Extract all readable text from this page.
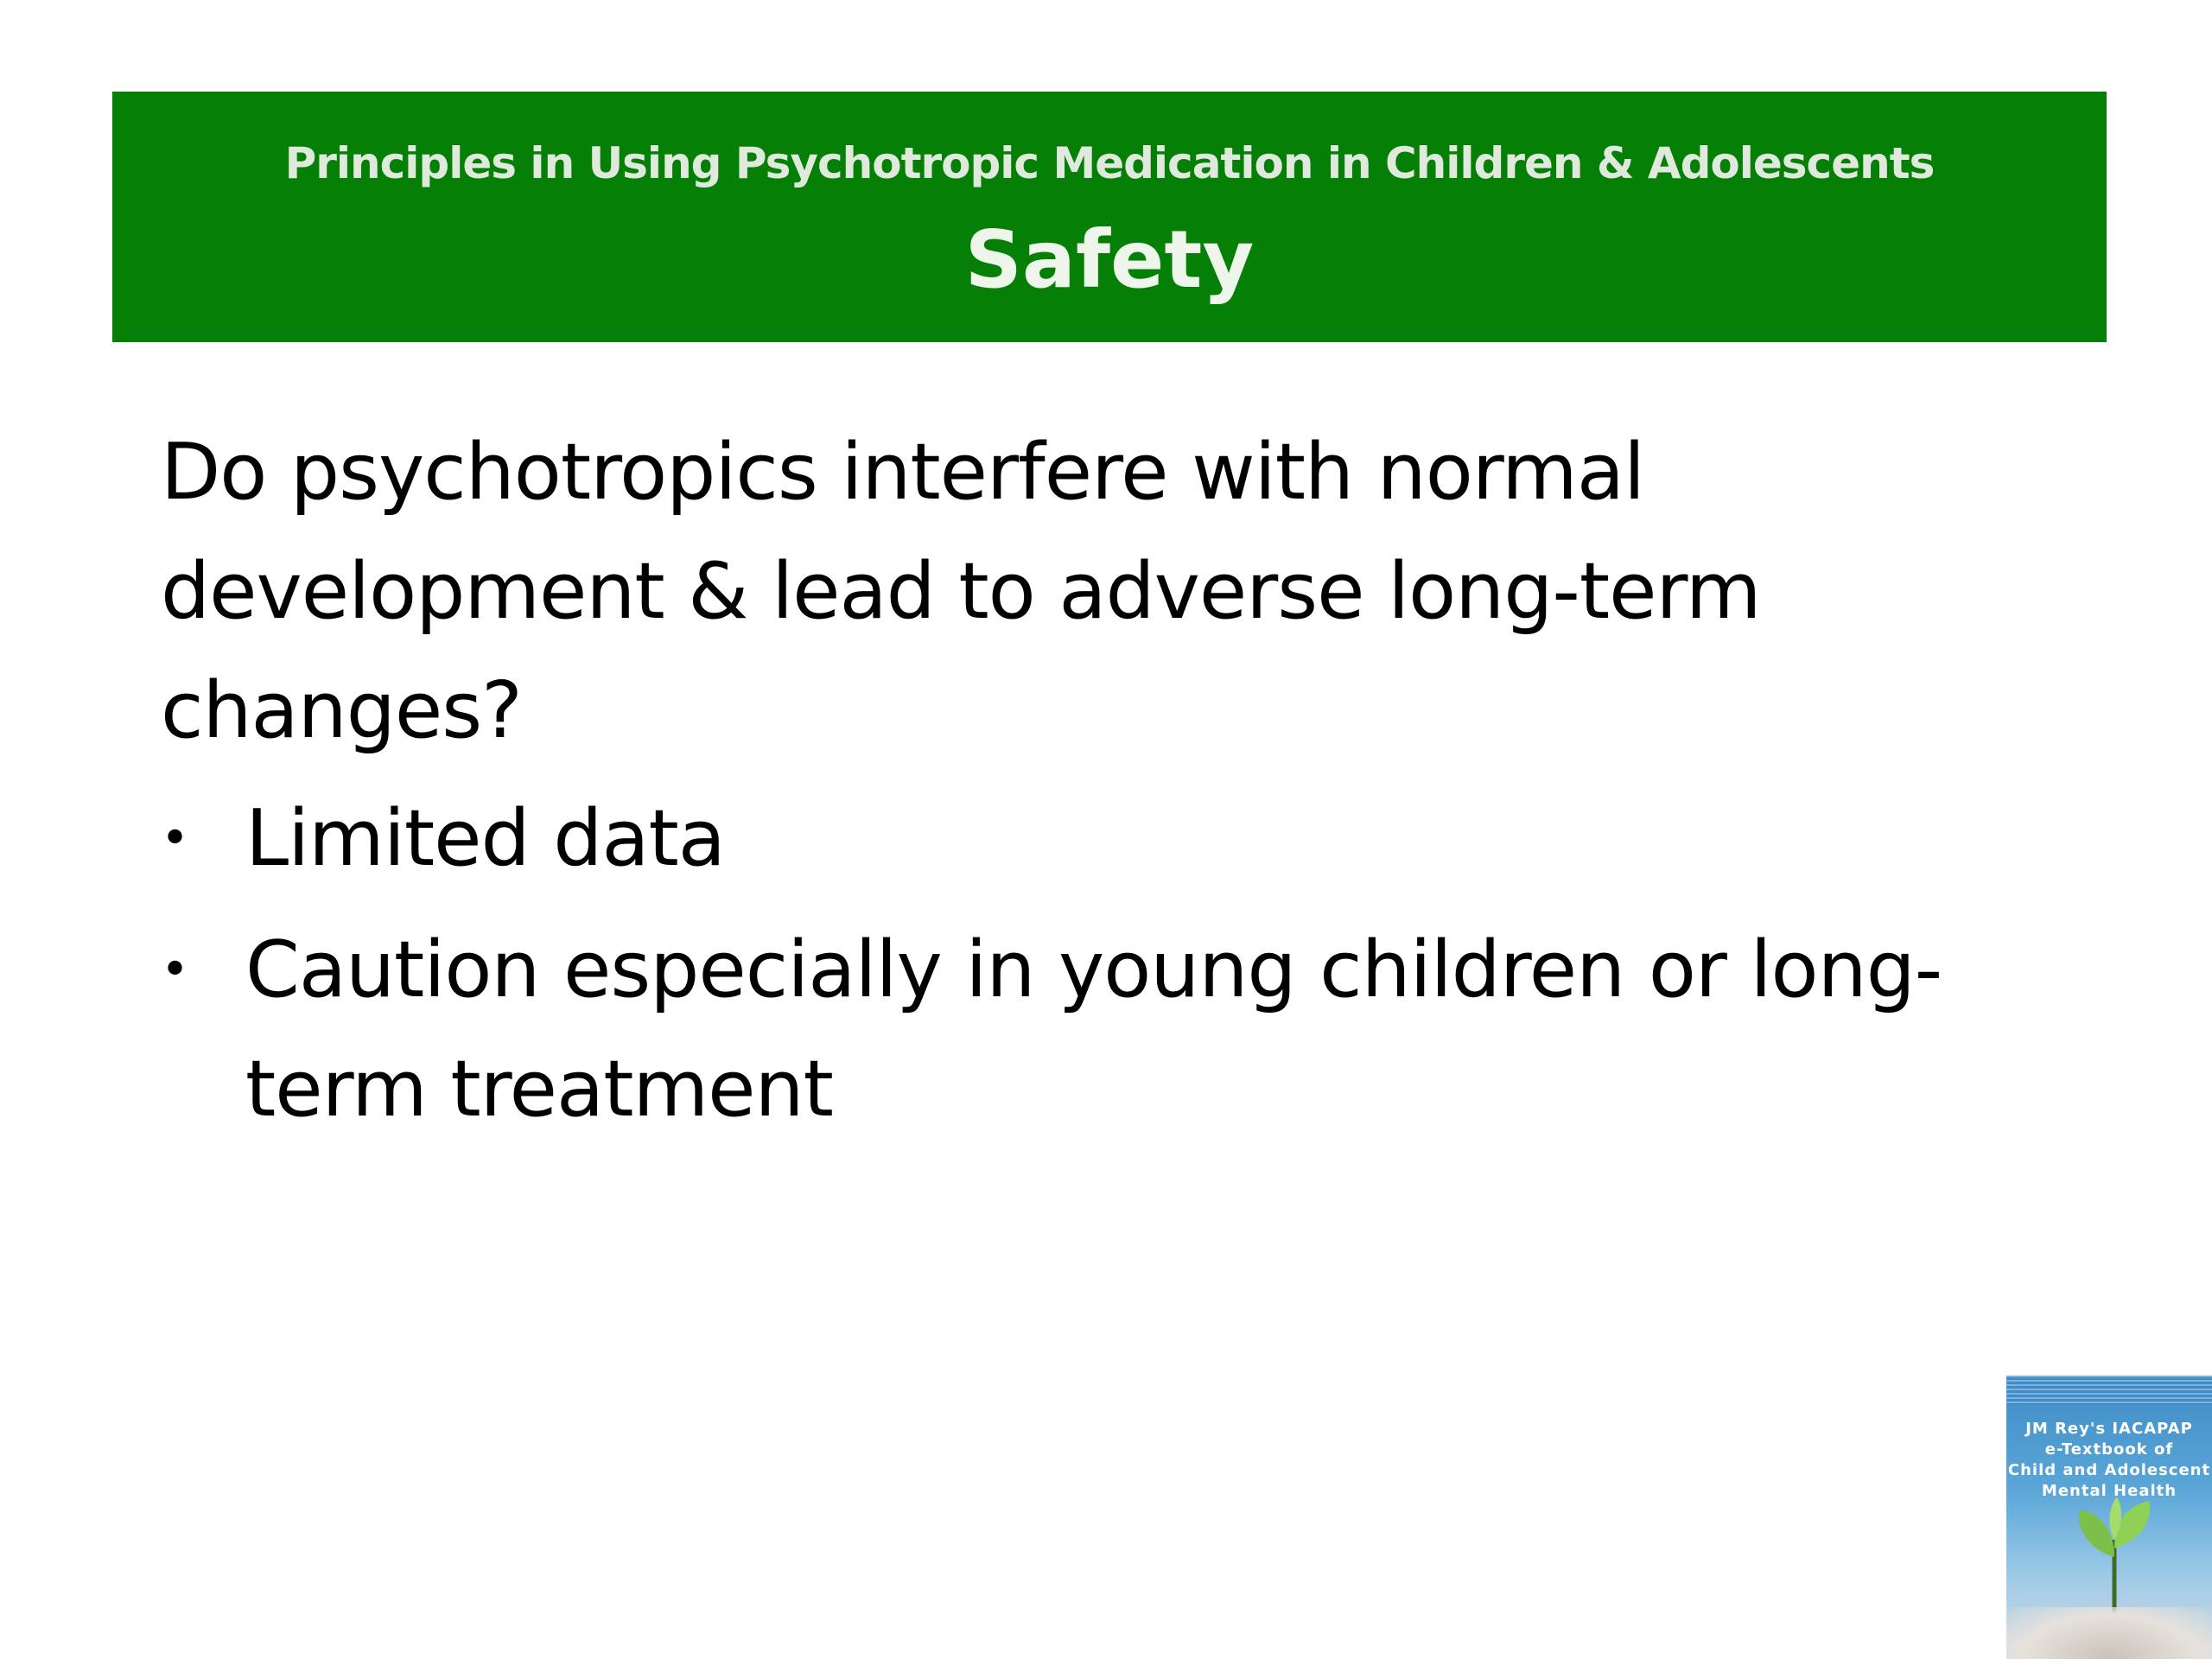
Principles in Using Psychotropic Medication in Children & Adolescents
Safety

Do psychotropics interfere with normal development & lead to adverse long-term changes?

• Limited data
• Caution especially in young children or long-term treatment
JM Rey's IACAPAP
e-Textbook of
Child and Adolescent
Mental Health
